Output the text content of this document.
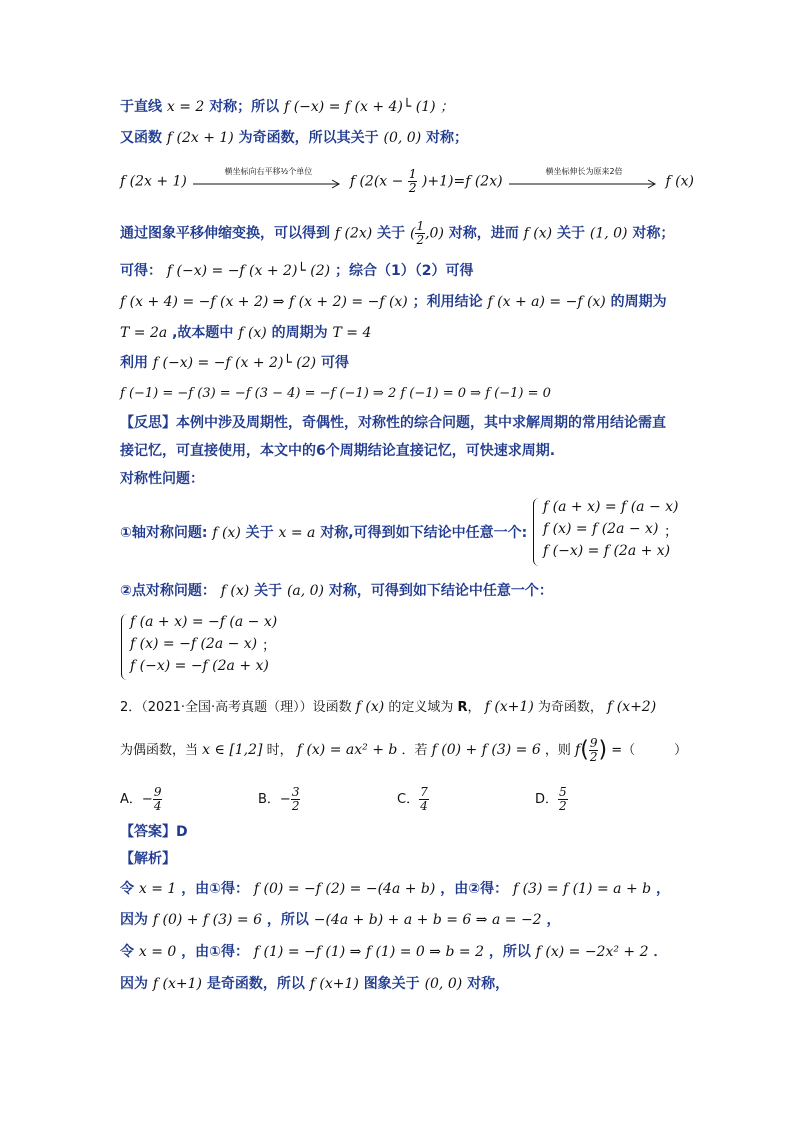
于直线 x = 2 对称；所以 f (−x) = f (x + 4)└ (1) ；
又函数 f (2x + 1) 为奇函数，所以其关于 (0, 0) 对称；
f (2x + 1)
横坐标向右平移½个单位
f $(2(x - \frac{1}{2} )+1)=f$ (2x)
横坐标伸长为原来2倍
f (x)
通过图象平移伸缩变换，可以得到 f (2x) 关于 ( $\frac{1}{2} ,0$) 对称，进而 f (x) 关于 (1, 0) 对称；
可得： f (−x) = −f (x + 2)└ (2) ；综合（1）（2）可得
f (x + 4) = −f (x + 2) ⇒ f (x + 2) = −f (x) ；利用结论 f (x + a) = −f (x) 的周期为
T = 2a ,故本题中 f (x) 的周期为 T = 4
利用 f (−x) = −f (x + 2)└ (2) 可得
f (−1) = −f (3) = −f (3 − 4) = −f (−1) ⇒ 2 f (−1) = 0 ⇒ f (−1) = 0
【反思】本例中涉及周期性，奇偶性，对称性的综合问题，其中求解周期的常用结论需直
接记忆，可直接使用，本文中的6个周期结论直接记忆，可快速求周期.
对称性问题：
①轴对称问题: f (x) 关于 x = a 对称,可得到如下结论中任意一个:
f (a + x) = f (a − x)
f (x) = f (2a − x)
f (−x) = f (2a + x)
；
②点对称问题： f (x) 关于 (a, 0) 对称，可得到如下结论中任意一个：
f (a + x) = −f (a − x)
f (x) = −f (2a − x)
f (−x) = −f (2a + x)
；
2．（2021·全国·高考真题（理））设函数 f (x) 的定义域为 R， f (x+1) 为奇函数， f (x+2)
为偶函数，当 x ∈ [1,2] 时， f (x) = ax² + b ．若 f (0) + f (3) = 6 ，则 $f( \frac{9}{2}$ ) =（　　　）
A．− $\frac{9}{4}$	B．− $\frac{3}{2}$	C． $\frac{7}{4}$	D． $\frac{5}{2}$
【答案】D
【解析】
令 x = 1 ，由①得： f (0) = −f (2) = −(4a + b) ，由②得： f (3) = f (1) = a + b ，
因为 f (0) + f (3) = 6 ，所以 −(4a + b) + a + b = 6 ⇒ a = −2 ，
令 x = 0 ，由①得： f (1) = −f (1) ⇒ f (1) = 0 ⇒ b = 2 ，所以 f (x) = −2x² + 2 ．
因为 f (x+1) 是奇函数，所以 f (x+1) 图象关于 (0, 0) 对称，
